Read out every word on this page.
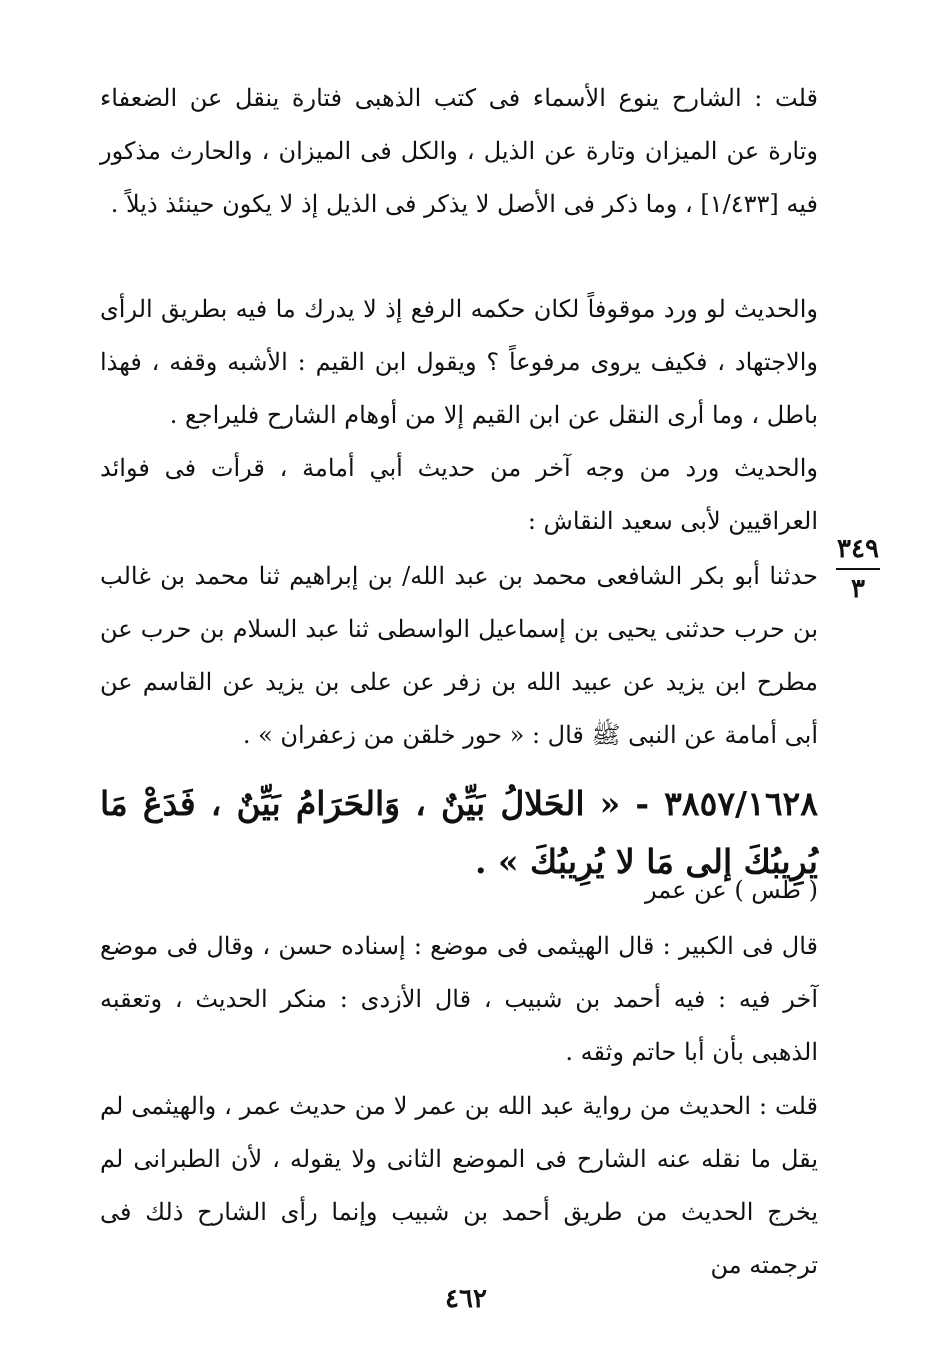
قلت : الشارح ينوع الأسماء فى كتب الذهبى فتارة ينقل عن الضعفاء وتارة عن الميزان وتارة عن الذيل ، والكل فى الميزان ، والحارث مذكور فيه [١/٤٣٣] ، وما ذكر فى الأصل لا يذكر فى الذيل إذ لا يكون حينئذ ذيلاً .

والحديث لو ورد موقوفاً لكان حكمه الرفع إذ لا يدرك ما فيه بطريق الرأى والاجتهاد ، فكيف يروى مرفوعاً ؟ ويقول ابن القيم : الأشبه وقفه ، فهذا باطل ، وما أرى النقل عن ابن القيم إلا من أوهام الشارح فليراجع .

والحديث ورد من وجه آخر من حديث أبي أمامة ، قرأت فى فوائد العراقيين لأبى سعيد النقاش :

حدثنا أبو بكر الشافعى محمد بن عبد الله/ بن إبراهيم ثنا محمد بن غالب بن حرب حدثنى يحيى بن إسماعيل الواسطى ثنا عبد السلام بن حرب عن مطرح ابن يزيد عن عبيد الله بن زفر عن على بن يزيد عن القاسم عن أبى أمامة عن النبى ﷺ قال : « حور خلقن من زعفران » .

٣٤٩
٣

٣٨٥٧/١٦٢٨ - « الحَلالُ بَيِّنٌ ، وَالحَرَامُ بَيِّنٌ ، فَدَعْ مَا يُرِيبُكَ إلى مَا لا يُرِيبُكَ » .

( طس ) عن عمر

قال فى الكبير : قال الهيثمى فى موضع : إسناده حسن ، وقال فى موضع آخر فيه : فيه أحمد بن شبيب ، قال الأزدى : منكر الحديث ، وتعقبه الذهبى بأن أبا حاتم وثقه .

قلت : الحديث من رواية عبد الله بن عمر لا من حديث عمر ، والهيثمى لم يقل ما نقله عنه الشارح فى الموضع الثانى ولا يقوله ، لأن الطبرانى لم يخرج الحديث من طريق أحمد بن شبيب وإنما رأى الشارح ذلك فى ترجمته من

٤٦٢
